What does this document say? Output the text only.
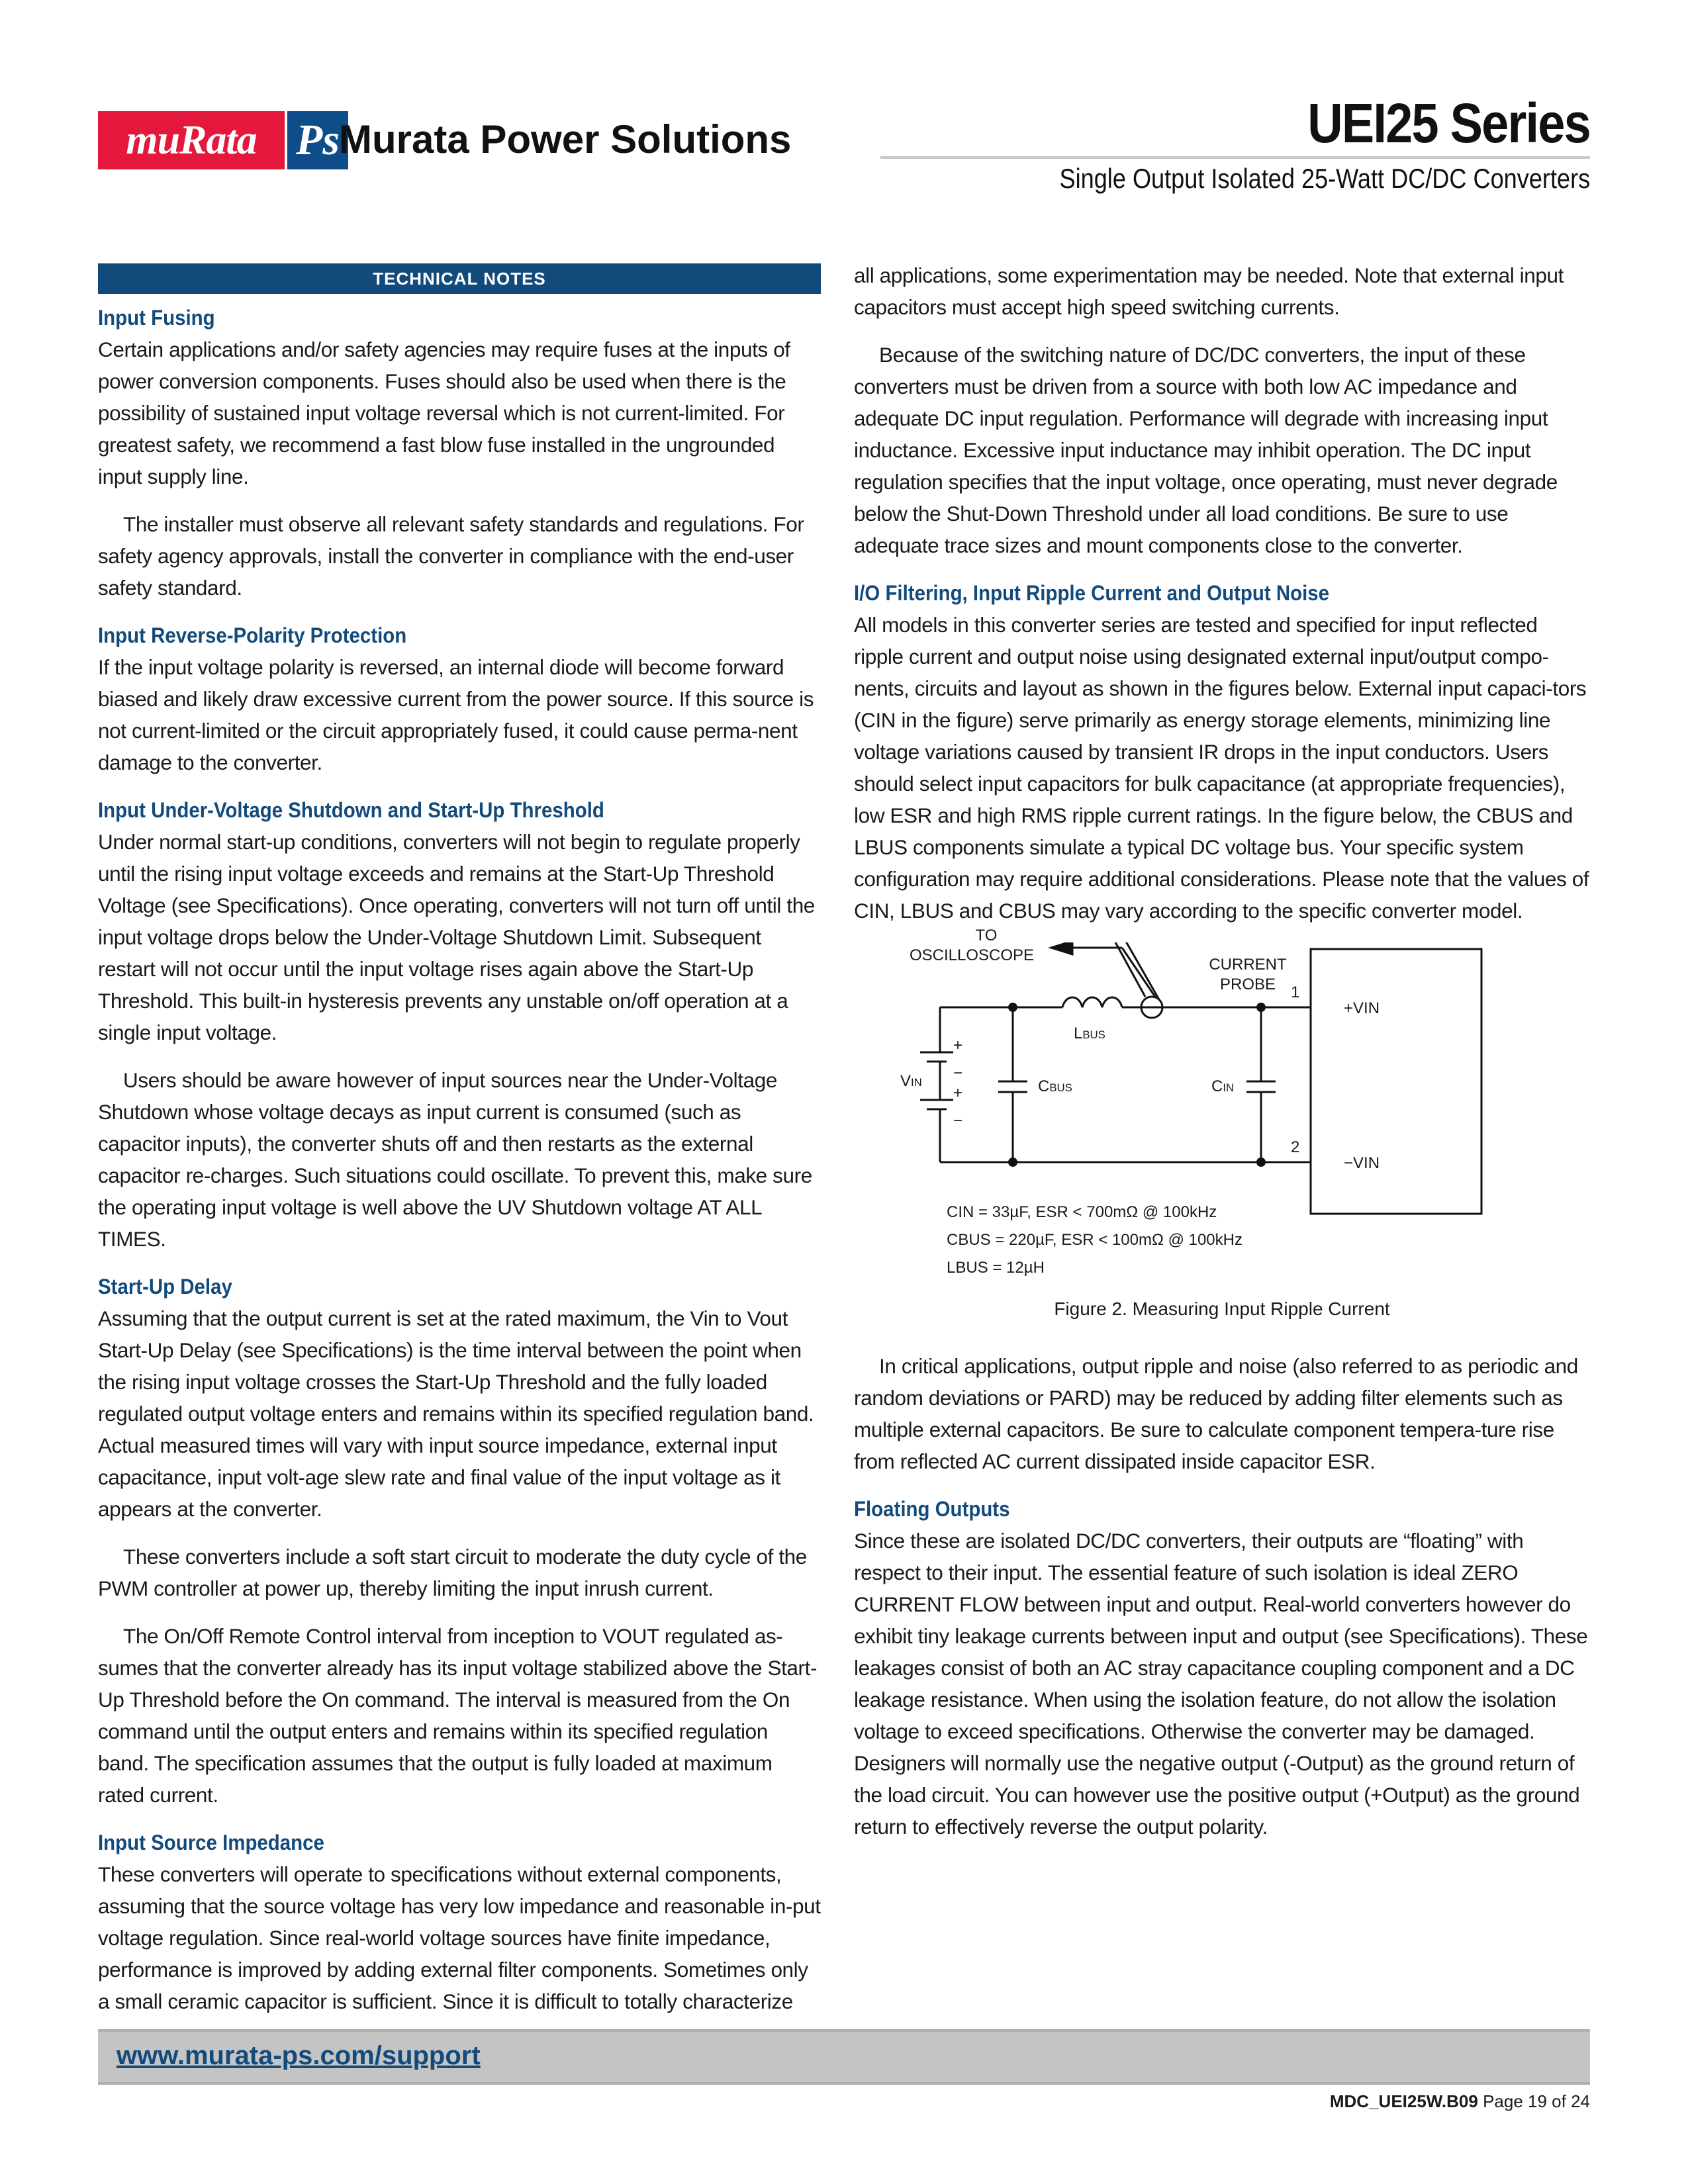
muRata Ps Murata Power Solutions	UEI25 Series
Single Output Isolated 25-Watt DC/DC Converters
TECHNICAL NOTES
Input Fusing

Certain applications and/or safety agencies may require fuses at the inputs of power conversion components. Fuses should also be used when there is the possibility of sustained input voltage reversal which is not current-limited. For greatest safety, we recommend a fast blow fuse installed in the ungrounded input supply line.

The installer must observe all relevant safety standards and regulations. For safety agency approvals, install the converter in compliance with the end-user safety standard.

Input Reverse-Polarity Protection

If the input voltage polarity is reversed, an internal diode will become forward biased and likely draw excessive current from the power source. If this source is not current-limited or the circuit appropriately fused, it could cause perma-nent damage to the converter.

Input Under-Voltage Shutdown and Start-Up Threshold

Under normal start-up conditions, converters will not begin to regulate properly until the rising input voltage exceeds and remains at the Start-Up Threshold Voltage (see Specifications). Once operating, converters will not turn off until the input voltage drops below the Under-Voltage Shutdown Limit. Subsequent restart will not occur until the input voltage rises again above the Start-Up Threshold. This built-in hysteresis prevents any unstable on/off operation at a single input voltage.

Users should be aware however of input sources near the Under-Voltage Shutdown whose voltage decays as input current is consumed (such as capacitor inputs), the converter shuts off and then restarts as the external capacitor re-charges. Such situations could oscillate. To prevent this, make sure the operating input voltage is well above the UV Shutdown voltage AT ALL TIMES.

Start-Up Delay

Assuming that the output current is set at the rated maximum, the Vin to Vout Start-Up Delay (see Specifications) is the time interval between the point when the rising input voltage crosses the Start-Up Threshold and the fully loaded regulated output voltage enters and remains within its specified regulation band. Actual measured times will vary with input source impedance, external input capacitance, input volt-age slew rate and final value of the input voltage as it appears at the converter.

These converters include a soft start circuit to moderate the duty cycle of the PWM controller at power up, thereby limiting the input inrush current.

The On/Off Remote Control interval from inception to VOUT regulated as-sumes that the converter already has its input voltage stabilized above the Start-Up Threshold before the On command. The interval is measured from the On command until the output enters and remains within its specified regulation band. The specification assumes that the output is fully loaded at maximum rated current.

Input Source Impedance

These converters will operate to specifications without external components, assuming that the source voltage has very low impedance and reasonable in-put voltage regulation. Since real-world voltage sources have finite impedance, performance is improved by adding external filter components. Sometimes only a small ceramic capacitor is sufficient. Since it is difficult to totally characterize

all applications, some experimentation may be needed. Note that external input capacitors must accept high speed switching currents.

Because of the switching nature of DC/DC converters, the input of these converters must be driven from a source with both low AC impedance and adequate DC input regulation. Performance will degrade with increasing input inductance. Excessive input inductance may inhibit operation. The DC input regulation specifies that the input voltage, once operating, must never degrade below the Shut-Down Threshold under all load conditions. Be sure to use adequate trace sizes and mount components close to the converter.

I/O Filtering, Input Ripple Current and Output Noise

All models in this converter series are tested and specified for input reflected ripple current and output noise using designated external input/output compo-nents, circuits and layout as shown in the figures below. External input capaci-tors (CIN in the figure) serve primarily as energy storage elements, minimizing line voltage variations caused by transient IR drops in the input conductors. Users should select input capacitors for bulk capacitance (at appropriate frequencies), low ESR and high RMS ripple current ratings. In the figure below, the CBUS and LBUS components simulate a typical DC voltage bus. Your specific system configuration may require additional considerations. Please note that the values of CIN, LBUS and CBUS may vary according to the specific converter model.

TO
OSCILLOSCOPE
CURRENT
PROBE 1
2
LBUS
CBUS	CIN
VIN
+
−
+
−
+VIN
−VIN
CIN = 33µF, ESR < 700mΩ @ 100kHz
CBUS = 220µF, ESR < 100mΩ @ 100kHz
LBUS = 12µH
Figure 2. Measuring Input Ripple Current

In critical applications, output ripple and noise (also referred to as periodic and random deviations or PARD) may be reduced by adding filter elements such as multiple external capacitors. Be sure to calculate component tempera-ture rise from reflected AC current dissipated inside capacitor ESR.

Floating Outputs

Since these are isolated DC/DC converters, their outputs are “floating” with respect to their input. The essential feature of such isolation is ideal ZERO CURRENT FLOW between input and output. Real-world converters however do exhibit tiny leakage currents between input and output (see Specifications). These leakages consist of both an AC stray capacitance coupling component and a DC leakage resistance. When using the isolation feature, do not allow the isolation voltage to exceed specifications. Otherwise the converter may be damaged. Designers will normally use the negative output (-Output) as the ground return of the load circuit. You can however use the positive output (+Output) as the ground return to effectively reverse the output polarity.

www.murata-ps.com/support
MDC_UEI25W.B09 Page 19 of 24
